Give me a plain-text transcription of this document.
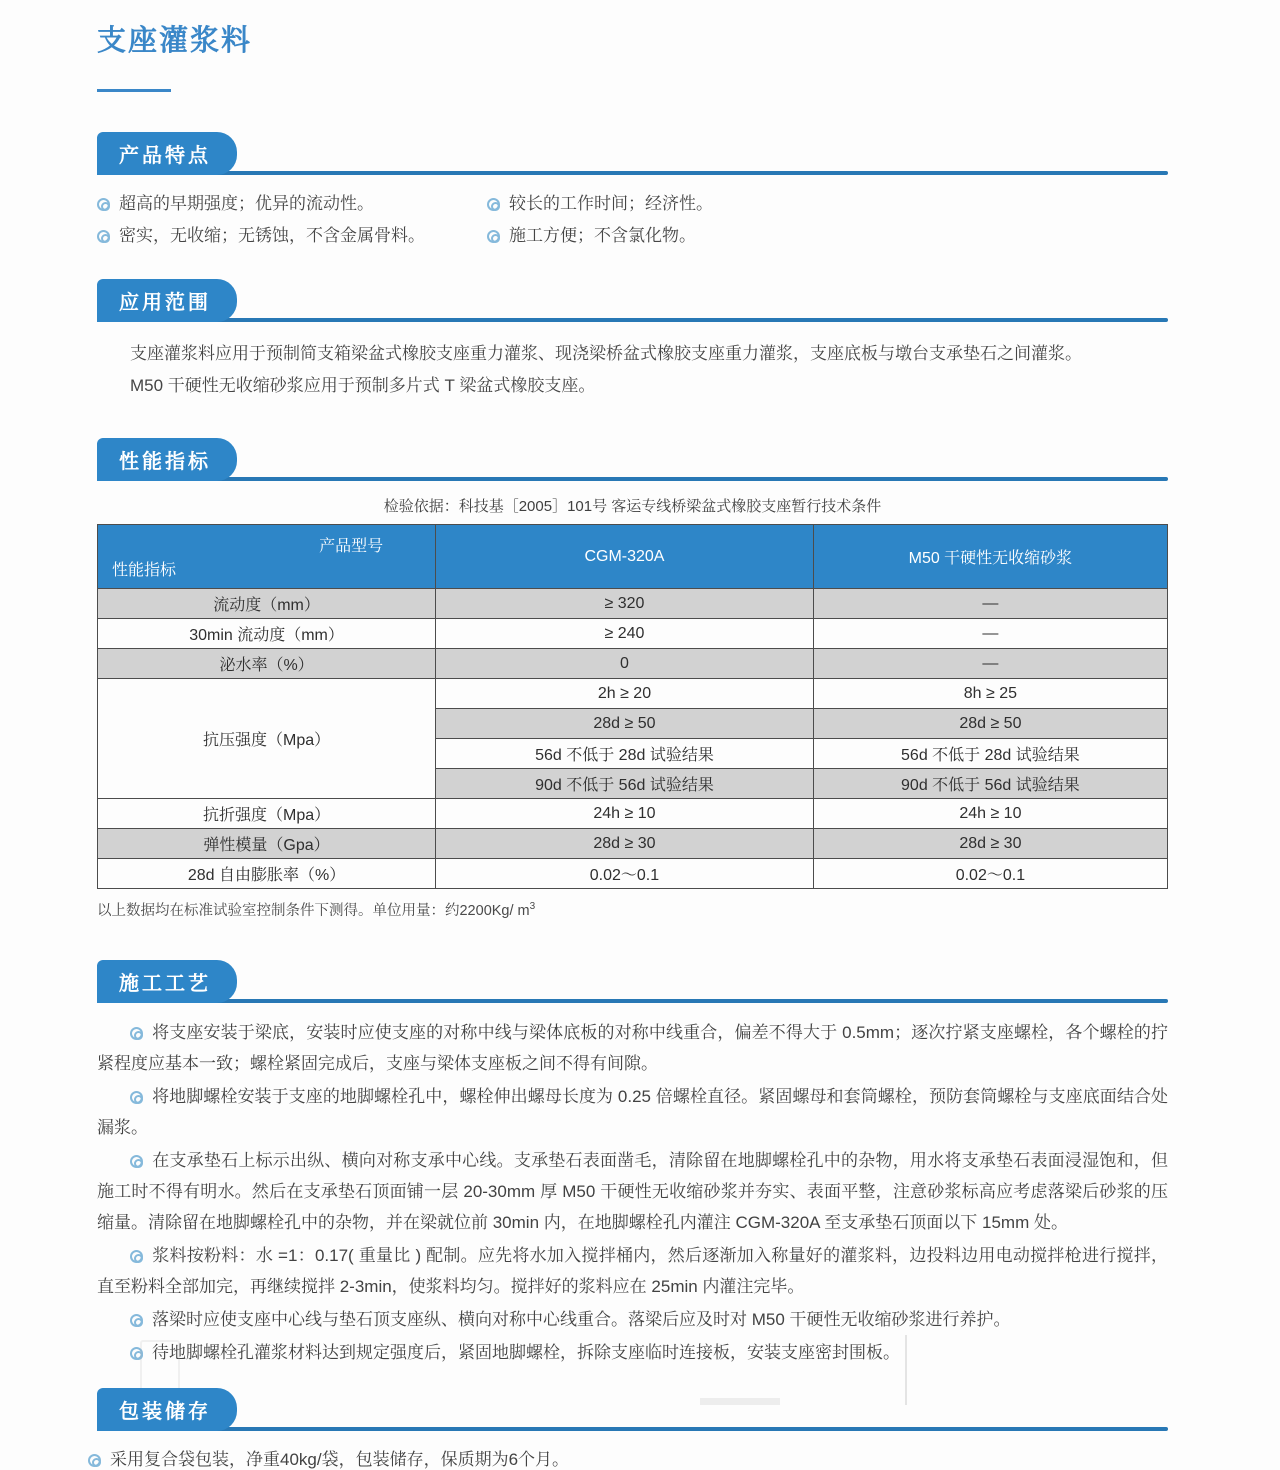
支座灌浆料
产品特点
超高的早期强度；优异的流动性。
密实，无收缩；无锈蚀，不含金属骨料。
较长的工作时间；经济性。
施工方便；不含氯化物。
应用范围
支座灌浆料应用于预制简支箱梁盆式橡胶支座重力灌浆、现浇梁桥盆式橡胶支座重力灌浆，支座底板与墩台支承垫石之间灌浆。
M50 干硬性无收缩砂浆应用于预制多片式 T 梁盆式橡胶支座。
性能指标
检验依据：科技基［2005］101号 客运专线桥梁盆式橡胶支座暂行技术条件
产品型号
性能指标	CGM-320A	M50 干硬性无收缩砂浆
流动度（mm）	≥ 320	—
30min 流动度（mm）	≥ 240	—
泌水率（%）	0	—
抗压强度（Mpa）	2h ≥ 20	8h ≥ 25
	28d ≥ 50	28d ≥ 50
	56d 不低于 28d 试验结果	56d 不低于 28d 试验结果
	90d 不低于 56d 试验结果	90d 不低于 56d 试验结果
抗折强度（Mpa）	24h ≥ 10	24h ≥ 10
弹性模量（Gpa）	28d ≥ 30	28d ≥ 30
28d 自由膨胀率（%）	0.02～0.1	0.02～0.1
以上数据均在标准试验室控制条件下测得。单位用量：约2200Kg/ $m^3$
施工工艺

将支座安装于梁底，安装时应使支座的对称中线与梁体底板的对称中线重合，偏差不得大于 0.5mm；逐次拧紧支座螺栓，各个螺栓的拧紧程度应基本一致；螺栓紧固完成后，支座与梁体支座板之间不得有间隙。

将地脚螺栓安装于支座的地脚螺栓孔中，螺栓伸出螺母长度为 0.25 倍螺栓直径。紧固螺母和套筒螺栓，预防套筒螺栓与支座底面结合处漏浆。

在支承垫石上标示出纵、横向对称支承中心线。支承垫石表面凿毛，清除留在地脚螺栓孔中的杂物，用水将支承垫石表面浸湿饱和，但施工时不得有明水。然后在支承垫石顶面铺一层 20-30mm 厚 M50 干硬性无收缩砂浆并夯实、表面平整，注意砂浆标高应考虑落梁后砂浆的压缩量。清除留在地脚螺栓孔中的杂物，并在梁就位前 30min 内，在地脚螺栓孔内灌注 CGM-320A 至支承垫石顶面以下 15mm 处。

浆料按粉料：水 =1：0.17( 重量比 ) 配制。应先将水加入搅拌桶内，然后逐渐加入称量好的灌浆料，边投料边用电动搅拌枪进行搅拌，直至粉料全部加完，再继续搅拌 2-3min，使浆料均匀。搅拌好的浆料应在 25min 内灌注完毕。

落梁时应使支座中心线与垫石顶支座纵、横向对称中心线重合。落梁后应及时对 M50 干硬性无收缩砂浆进行养护。

待地脚螺栓孔灌浆材料达到规定强度后，紧固地脚螺栓，拆除支座临时连接板，安装支座密封围板。

包装储存
采用复合袋包装，净重40kg/袋，包装储存，保质期为6个月。
